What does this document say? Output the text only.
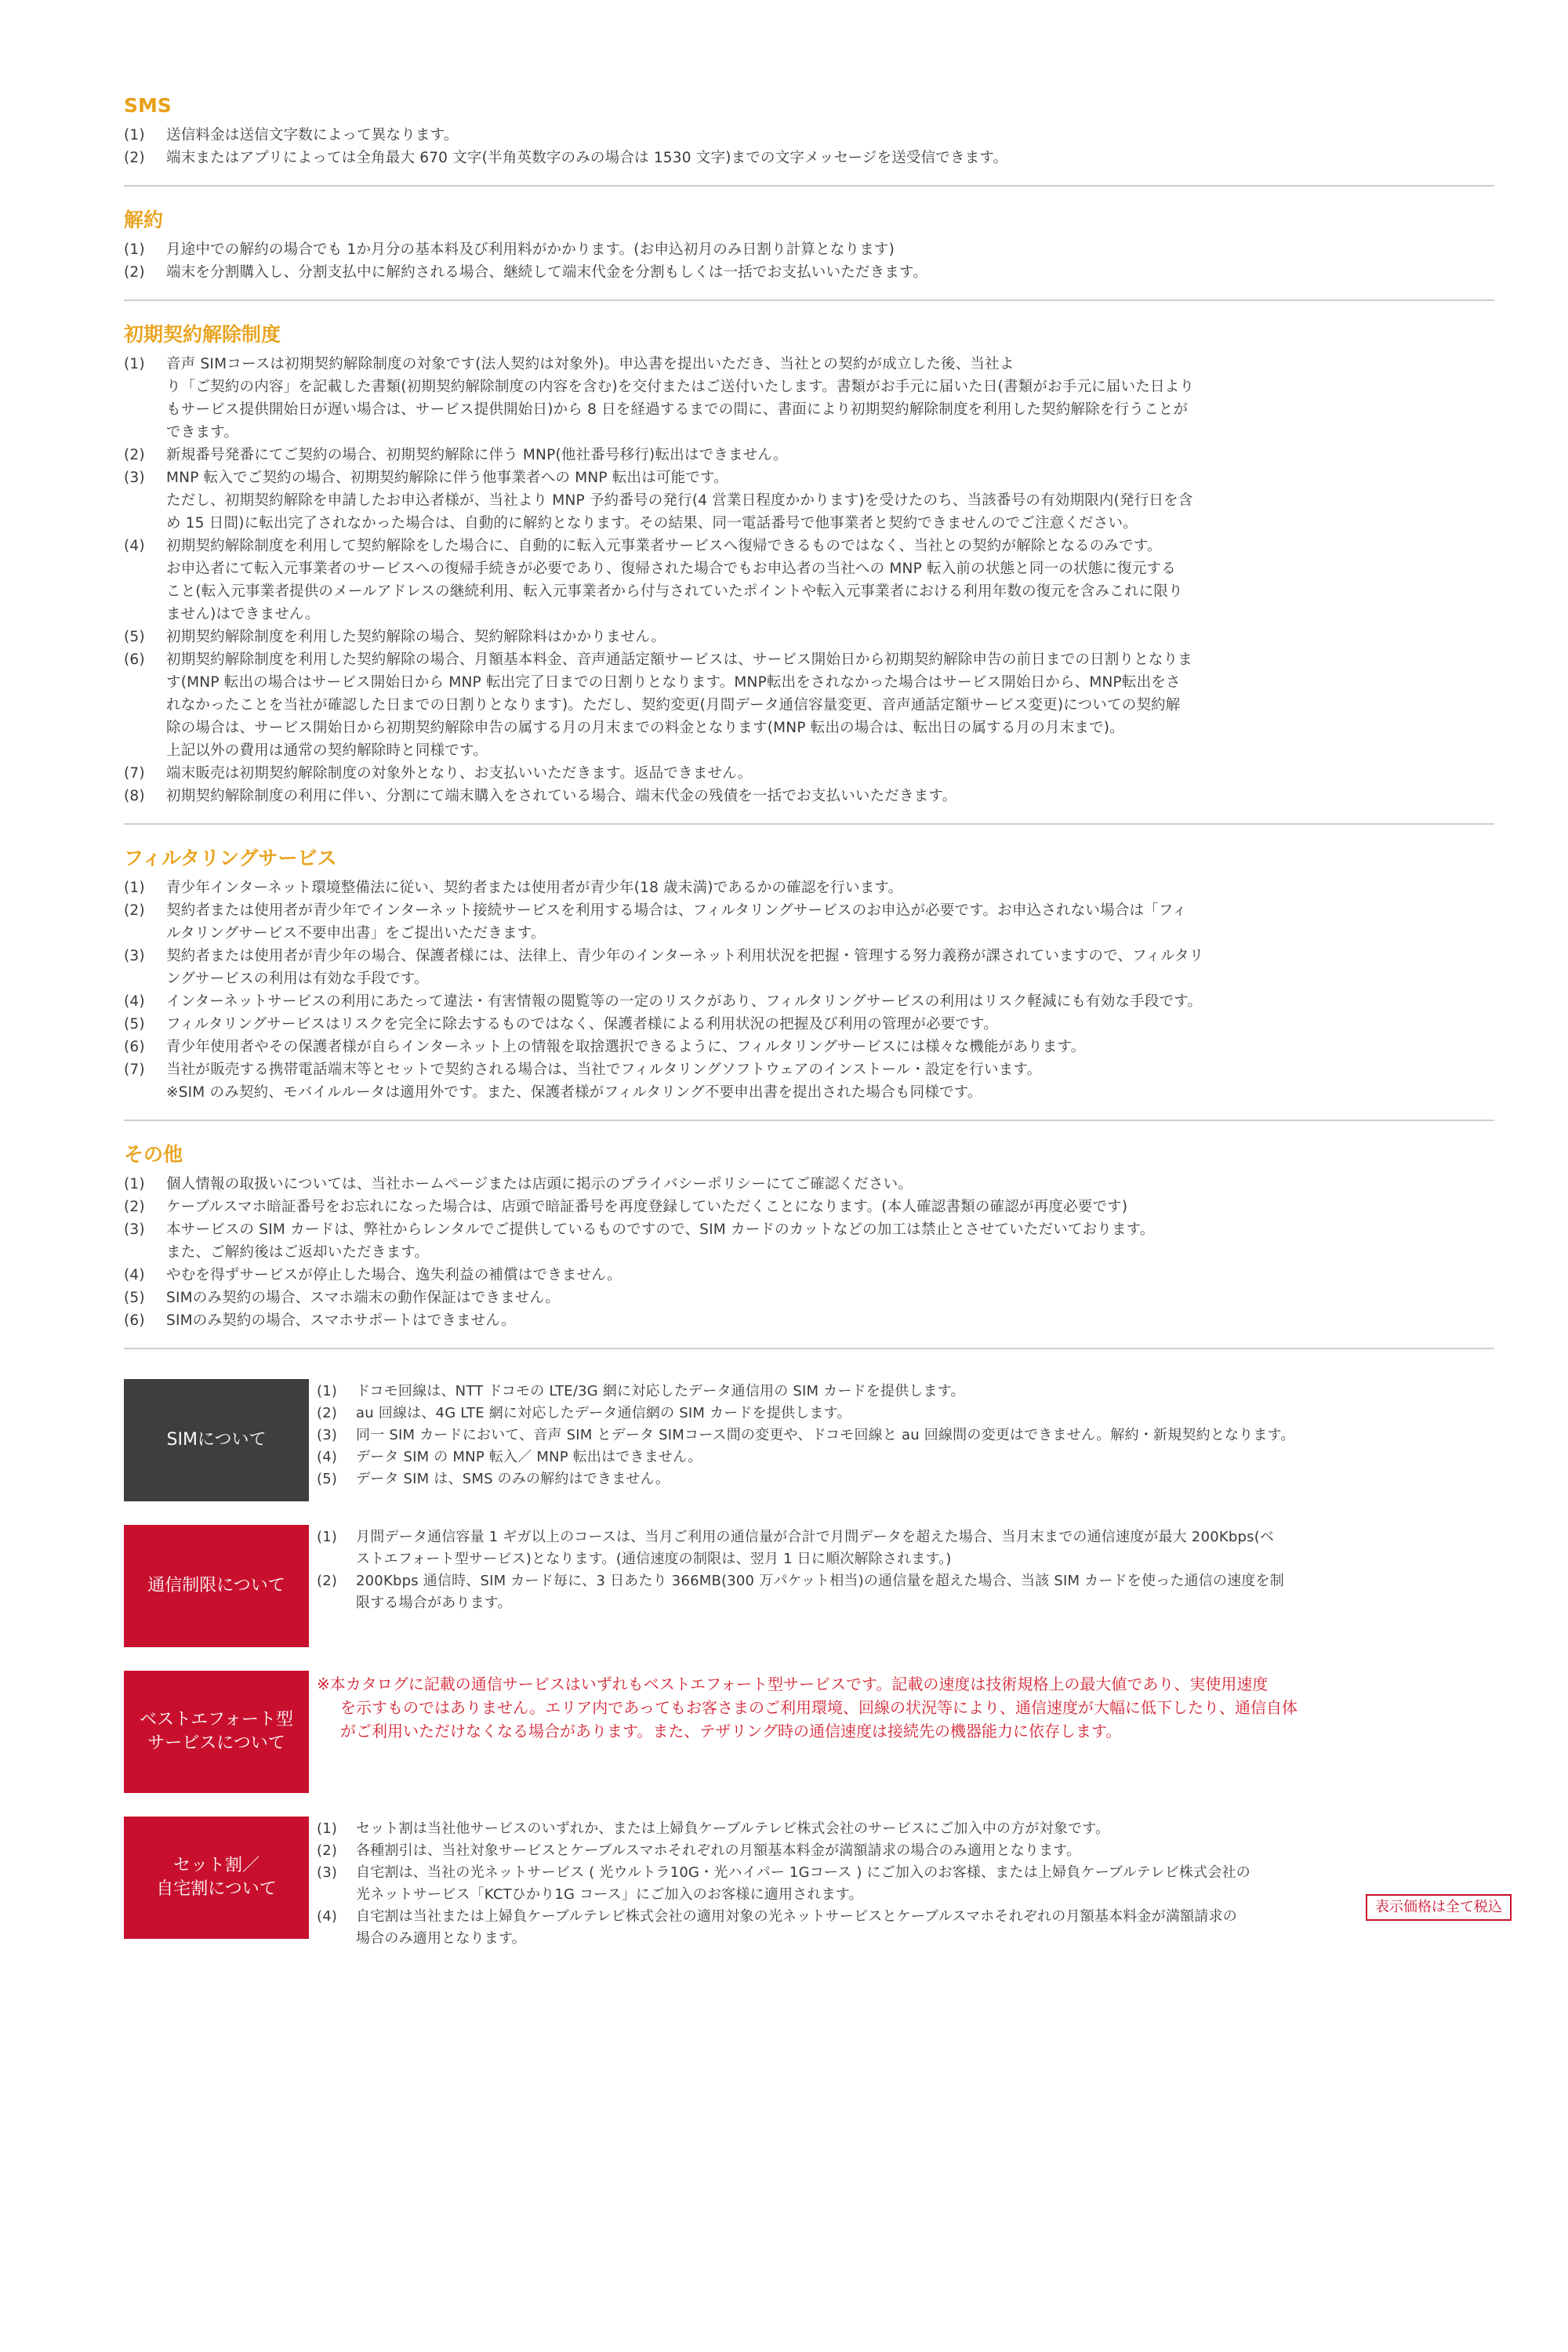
SMS
(1) 送信料金は送信文字数によって異なります。
(2) 端末またはアプリによっては全角最大 670 文字(半角英数字のみの場合は 1530 文字)までの文字メッセージを送受信できます。
解約
(1) 月途中での解約の場合でも 1か月分の基本料及び利用料がかかります。(お申込初月のみ日割り計算となります)
(2) 端末を分割購入し、分割支払中に解約される場合、継続して端末代金を分割もしくは一括でお支払いいただきます。
初期契約解除制度
(1) 音声 SIMコースは初期契約解除制度の対象です(法人契約は対象外)。申込書を提出いただき、当社との契約が成立した後、当社よ
り「ご契約の内容」を記載した書類(初期契約解除制度の内容を含む)を交付またはご送付いたします。書類がお手元に届いた日(書類がお手元に届いた日より
もサービス提供開始日が遅い場合は、サービス提供開始日)から 8 日を経過するまでの間に、書面により初期契約解除制度を利用した契約解除を行うことが
できます。
(2) 新規番号発番にてご契約の場合、初期契約解除に伴う MNP(他社番号移行)転出はできません。
(3) MNP 転入でご契約の場合、初期契約解除に伴う他事業者への MNP 転出は可能です。
ただし、初期契約解除を申請したお申込者様が、当社より MNP 予約番号の発行(4 営業日程度かかります)を受けたのち、当該番号の有効期限内(発行日を含
め 15 日間)に転出完了されなかった場合は、自動的に解約となります。その結果、同一電話番号で他事業者と契約できませんのでご注意ください。
(4) 初期契約解除制度を利用して契約解除をした場合に、自動的に転入元事業者サービスへ復帰できるものではなく、当社との契約が解除となるのみです。
お申込者にて転入元事業者のサービスへの復帰手続きが必要であり、復帰された場合でもお申込者の当社への MNP 転入前の状態と同一の状態に復元する
こと(転入元事業者提供のメールアドレスの継続利用、転入元事業者から付与されていたポイントや転入元事業者における利用年数の復元を含みこれに限り
ません)はできません。
(5) 初期契約解除制度を利用した契約解除の場合、契約解除料はかかりません。
(6) 初期契約解除制度を利用した契約解除の場合、月額基本料金、音声通話定額サービスは、サービス開始日から初期契約解除申告の前日までの日割りとなりま
す(MNP 転出の場合はサービス開始日から MNP 転出完了日までの日割りとなります。MNP転出をされなかった場合はサービス開始日から、MNP転出をさ
れなかったことを当社が確認した日までの日割りとなります)。ただし、契約変更(月間データ通信容量変更、音声通話定額サービス変更)についての契約解
除の場合は、サービス開始日から初期契約解除申告の属する月の月末までの料金となります(MNP 転出の場合は、転出日の属する月の月末まで)。
上記以外の費用は通常の契約解除時と同様です。
(7) 端末販売は初期契約解除制度の対象外となり、お支払いいただきます。返品できません。
(8) 初期契約解除制度の利用に伴い、分割にて端末購入をされている場合、端末代金の残債を一括でお支払いいただきます。
フィルタリングサービス
(1) 青少年インターネット環境整備法に従い、契約者または使用者が青少年(18 歳未満)であるかの確認を行います。
(2) 契約者または使用者が青少年でインターネット接続サービスを利用する場合は、フィルタリングサービスのお申込が必要です。お申込されない場合は「フィ
ルタリングサービス不要申出書」をご提出いただきます。
(3) 契約者または使用者が青少年の場合、保護者様には、法律上、青少年のインターネット利用状況を把握・管理する努力義務が課されていますので、フィルタリ
ングサービスの利用は有効な手段です。
(4) インターネットサービスの利用にあたって違法・有害情報の閲覧等の一定のリスクがあり、フィルタリングサービスの利用はリスク軽減にも有効な手段です。
(5) フィルタリングサービスはリスクを完全に除去するものではなく、保護者様による利用状況の把握及び利用の管理が必要です。
(6) 青少年使用者やその保護者様が自らインターネット上の情報を取捨選択できるように、フィルタリングサービスには様々な機能があります。
(7) 当社が販売する携帯電話端末等とセットで契約される場合は、当社でフィルタリングソフトウェアのインストール・設定を行います。
※SIM のみ契約、モバイルルータは適用外です。また、保護者様がフィルタリング不要申出書を提出された場合も同様です。
その他
(1) 個人情報の取扱いについては、当社ホームページまたは店頭に掲示のプライバシーポリシーにてご確認ください。
(2) ケーブルスマホ暗証番号をお忘れになった場合は、店頭で暗証番号を再度登録していただくことになります。(本人確認書類の確認が再度必要です)
(3) 本サービスの SIM カードは、弊社からレンタルでご提供しているものですので、SIM カードのカットなどの加工は禁止とさせていただいております。
また、ご解約後はご返却いただきます。
(4) やむを得ずサービスが停止した場合、逸失利益の補償はできません。
(5) SIMのみ契約の場合、スマホ端末の動作保証はできません。
(6) SIMのみ契約の場合、スマホサポートはできません。
SIMについて
(1) ドコモ回線は、NTT ドコモの LTE/3G 網に対応したデータ通信用の SIM カードを提供します。
(2) au 回線は、4G LTE 網に対応したデータ通信網の SIM カードを提供します。
(3) 同一 SIM カードにおいて、音声 SIM とデータ SIMコース間の変更や、ドコモ回線と au 回線間の変更はできません。解約・新規契約となります。
(4) データ SIM の MNP 転入／ MNP 転出はできません。
(5) データ SIM は、SMS のみの解約はできません。
通信制限について
(1) 月間データ通信容量 1 ギガ以上のコースは、当月ご利用の通信量が合計で月間データを超えた場合、当月末までの通信速度が最大 200Kbps(ベ
ストエフォート型サービス)となります。(通信速度の制限は、翌月 1 日に順次解除されます。)
(2) 200Kbps 通信時、SIM カード毎に、3 日あたり 366MB(300 万パケット相当)の通信量を超えた場合、当該 SIM カードを使った通信の速度を制
限する場合があります。
ベストエフォート型
サービスについて
※本カタログに記載の通信サービスはいずれもベストエフォート型サービスです。記載の速度は技術規格上の最大値であり、実使用速度
を示すものではありません。エリア内であってもお客さまのご利用環境、回線の状況等により、通信速度が大幅に低下したり、通信自体
がご利用いただけなくなる場合があります。また、テザリング時の通信速度は接続先の機器能力に依存します。
セット割／
自宅割について
(1) セット割は当社他サービスのいずれか、または上婦負ケーブルテレビ株式会社のサービスにご加入中の方が対象です。
(2) 各種割引は、当社対象サービスとケーブルスマホそれぞれの月額基本料金が満額請求の場合のみ適用となります。
(3) 自宅割は、当社の光ネットサービス ( 光ウルトラ10G・光ハイパー 1Gコース ) にご加入のお客様、または上婦負ケーブルテレビ株式会社の
光ネットサービス「KCTひかり1G コース」にご加入のお客様に適用されます。
(4) 自宅割は当社または上婦負ケーブルテレビ株式会社の適用対象の光ネットサービスとケーブルスマホそれぞれの月額基本料金が満額請求の
場合のみ適用となります。
表示価格は全て税込
